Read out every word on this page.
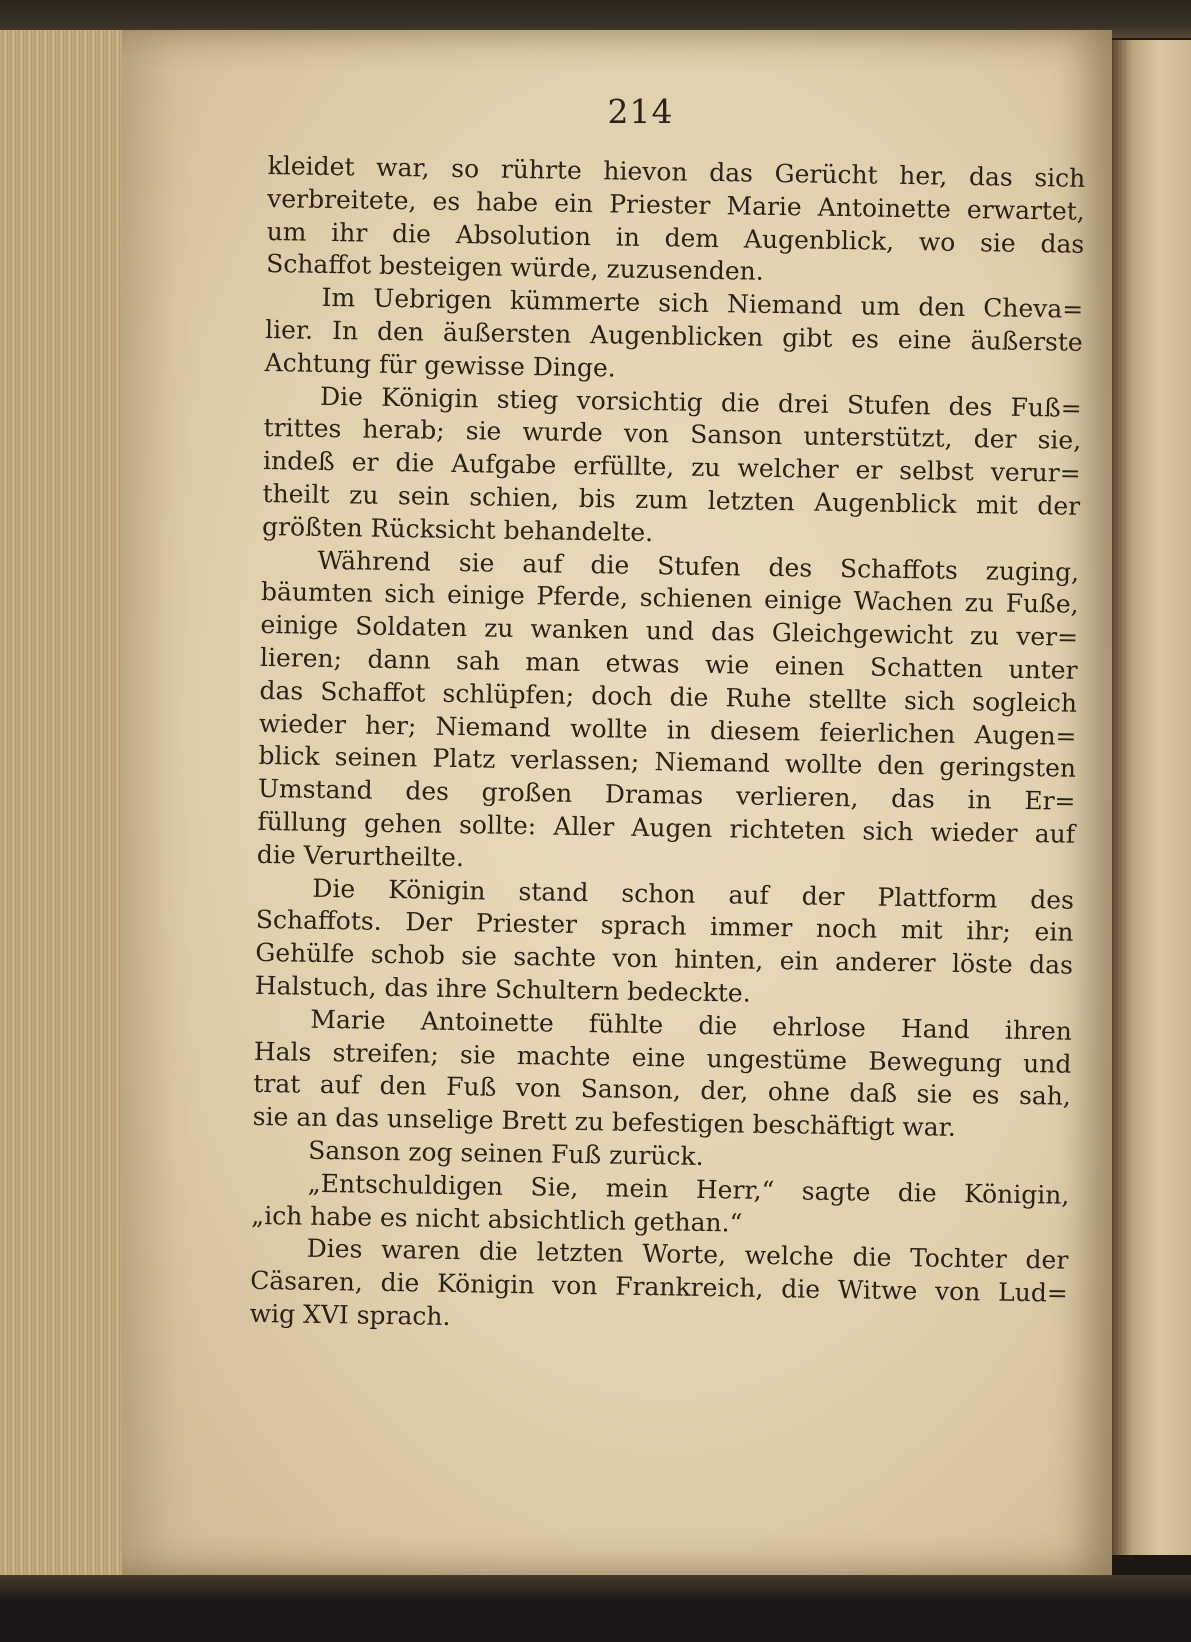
214
kleidet war, so rührte hievon das Gerücht her, das sich
verbreitete, es habe ein Priester Marie Antoinette erwartet,
um ihr die Absolution in dem Augenblick, wo sie das
Schaffot besteigen würde, zuzusenden.
Im Uebrigen kümmerte sich Niemand um den Cheva=
lier. In den äußersten Augenblicken gibt es eine äußerste
Achtung für gewisse Dinge.
Die Königin stieg vorsichtig die drei Stufen des Fuß=
trittes herab; sie wurde von Sanson unterstützt, der sie,
indeß er die Aufgabe erfüllte, zu welcher er selbst verur=
theilt zu sein schien, bis zum letzten Augenblick mit der
größten Rücksicht behandelte.
Während sie auf die Stufen des Schaffots zuging,
bäumten sich einige Pferde, schienen einige Wachen zu Fuße,
einige Soldaten zu wanken und das Gleichgewicht zu ver=
lieren; dann sah man etwas wie einen Schatten unter
das Schaffot schlüpfen; doch die Ruhe stellte sich sogleich
wieder her; Niemand wollte in diesem feierlichen Augen=
blick seinen Platz verlassen; Niemand wollte den geringsten
Umstand des großen Dramas verlieren, das in Er=
füllung gehen sollte: Aller Augen richteten sich wieder auf
die Verurtheilte.
Die Königin stand schon auf der Plattform des
Schaffots. Der Priester sprach immer noch mit ihr; ein
Gehülfe schob sie sachte von hinten, ein anderer löste das
Halstuch, das ihre Schultern bedeckte.
Marie Antoinette fühlte die ehrlose Hand ihren
Hals streifen; sie machte eine ungestüme Bewegung und
trat auf den Fuß von Sanson, der, ohne daß sie es sah,
sie an das unselige Brett zu befestigen beschäftigt war.
Sanson zog seinen Fuß zurück.
„Entschuldigen Sie, mein Herr,“ sagte die Königin,
„ich habe es nicht absichtlich gethan.“
Dies waren die letzten Worte, welche die Tochter der
Cäsaren, die Königin von Frankreich, die Witwe von Lud=
wig XVI sprach.
